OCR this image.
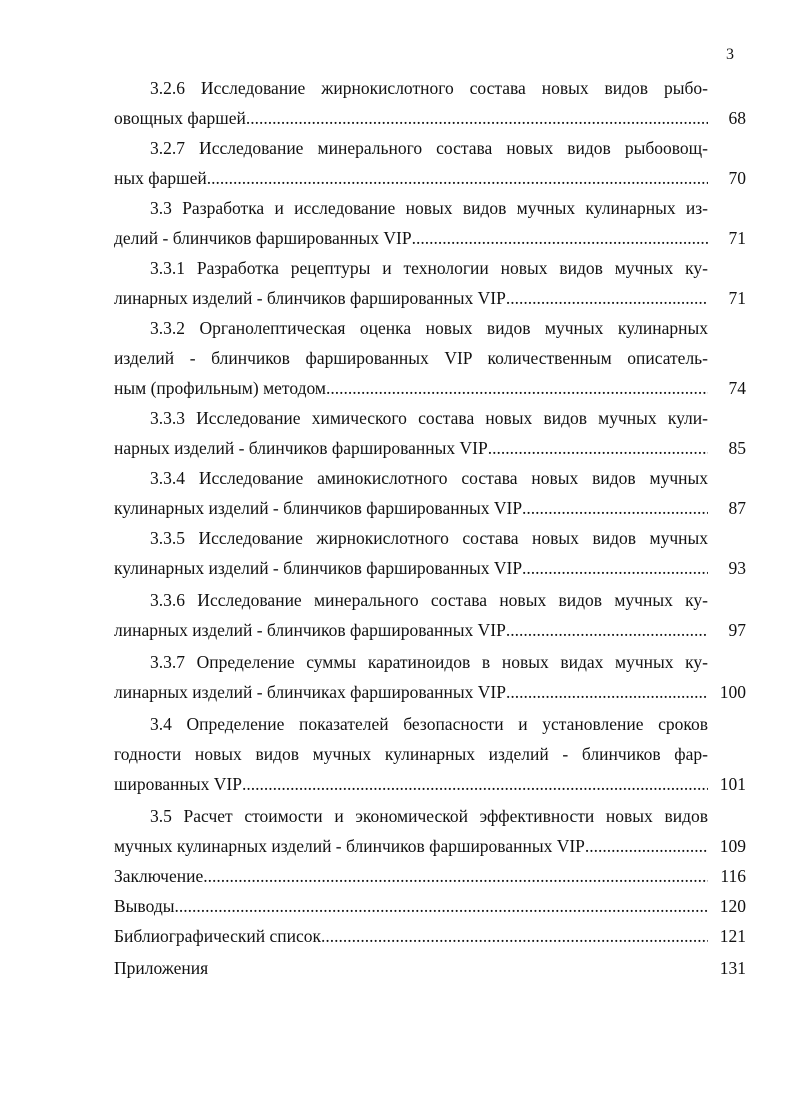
3
3.2.6 Исследование жирнокислотного состава новых видов рыбо-
овощных фаршей .....	68
3.2.7 Исследование минерального состава новых видов рыбоовощ-
ных фаршей .....	70
3.3 Разработка и исследование новых видов мучных кулинарных из-
делий - блинчиков фаршированных VIP .....	71
3.3.1 Разработка рецептуры и технологии новых видов мучных ку-
линарных изделий - блинчиков фаршированных VIP .....	71
3.3.2 Органолептическая оценка новых видов мучных кулинарных
изделий - блинчиков фаршированных VIP количественным описатель-
ным (профильным) методом .....	74
3.3.3 Исследование химического состава новых видов мучных кули-
нарных изделий - блинчиков фаршированных VIP .....	85
3.3.4 Исследование аминокислотного состава новых видов мучных
кулинарных изделий - блинчиков фаршированных VIP .....	87
3.3.5 Исследование жирнокислотного состава новых видов мучных
кулинарных изделий - блинчиков фаршированных VIP .....	93
3.3.6 Исследование минерального состава новых видов мучных ку-
линарных изделий - блинчиков фаршированных VIP .....	97
3.3.7 Определение суммы каратиноидов в новых видах мучных ку-
линарных изделий - блинчиках фаршированных VIP .....	100
3.4 Определение показателей безопасности и установление сроков
годности новых видов мучных кулинарных изделий - блинчиков фар-
шированных VIP .....	101
3.5 Расчет стоимости и экономической эффективности новых видов
мучных кулинарных изделий - блинчиков фаршированных VIP .....	109
Заключение .....	116
Выводы .....	120
Библиографический список .....	121
Приложения	131
